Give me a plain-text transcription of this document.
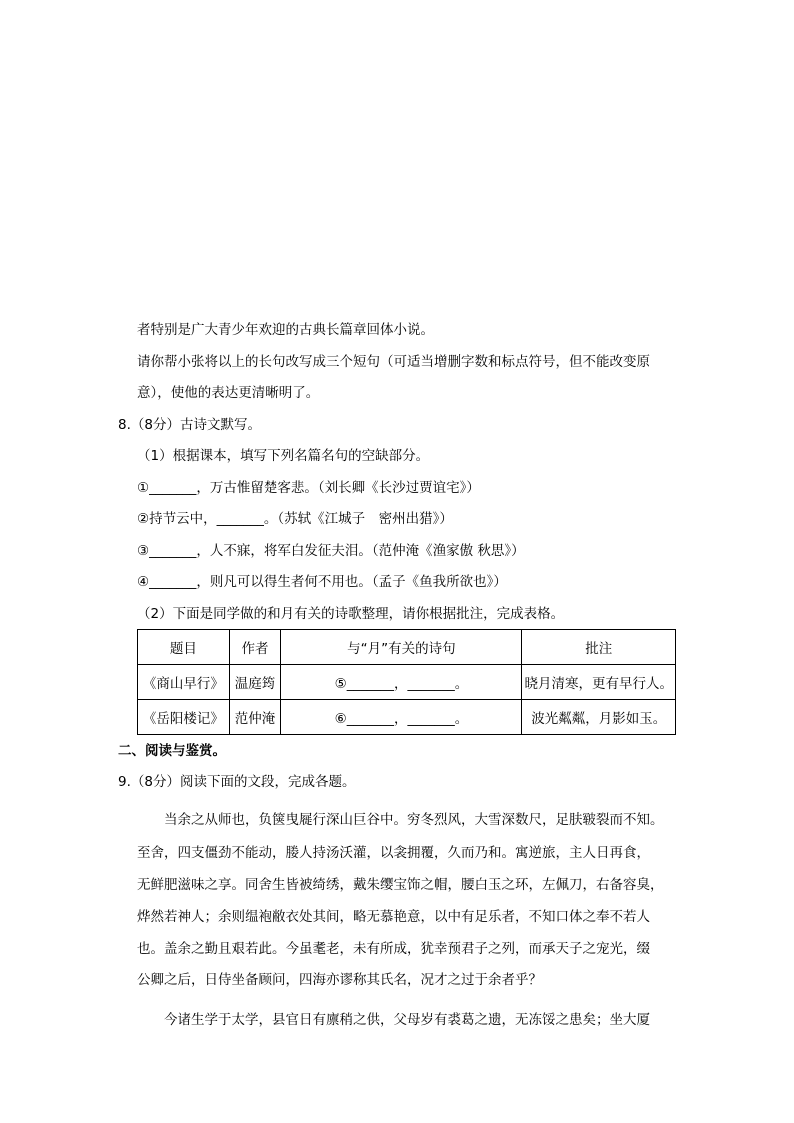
者特别是广大青少年欢迎的古典长篇章回体小说。
请你帮小张将以上的长句改写成三个短句（可适当增删字数和标点符号，但不能改变原
意），使他的表达更清晰明了。
8.（8分）古诗文默写。
（1）根据课本，填写下列名篇名句的空缺部分。
①_______，万古惟留楚客悲。（刘长卿《长沙过贾谊宅》）
②持节云中，_______。（苏轼《江城子　密州出猎》）
③_______，人不寐，将军白发征夫泪。（范仲淹《渔家傲 秋思》）
④_______，则凡可以得生者何不用也。（孟子《鱼我所欲也》）
（2）下面是同学做的和月有关的诗歌整理，请你根据批注，完成表格。
题目	作者	与“月”有关的诗句	批注
《商山早行》	温庭筠	⑤_______，_______。	晓月清寒，更有早行人。
《岳阳楼记》	范仲淹	⑥_______，_______。	波光粼粼，月影如玉。
二、阅读与鉴赏。
9.（8分）阅读下面的文段，完成各题。
当余之从师也，负箧曳屣行深山巨谷中。穷冬烈风，大雪深数尺，足肤皲裂而不知。
至舍，四支僵劲不能动，媵人持汤沃灌，以衾拥覆，久而乃和。寓逆旅，主人日再食，
无鲜肥滋味之享。同舍生皆被绮绣，戴朱缨宝饰之帽，腰白玉之环，左佩刀，右备容臭，
烨然若神人；余则缊袍敝衣处其间，略无慕艳意，以中有足乐者，不知口体之奉不若人
也。盖余之勤且艰若此。今虽耄老，未有所成，犹幸预君子之列，而承天子之宠光，缀
公卿之后，日侍坐备顾问，四海亦谬称其氏名，况才之过于余者乎？
今诸生学于太学，县官日有廪稍之供，父母岁有裘葛之遗，无冻馁之患矣；坐大厦
